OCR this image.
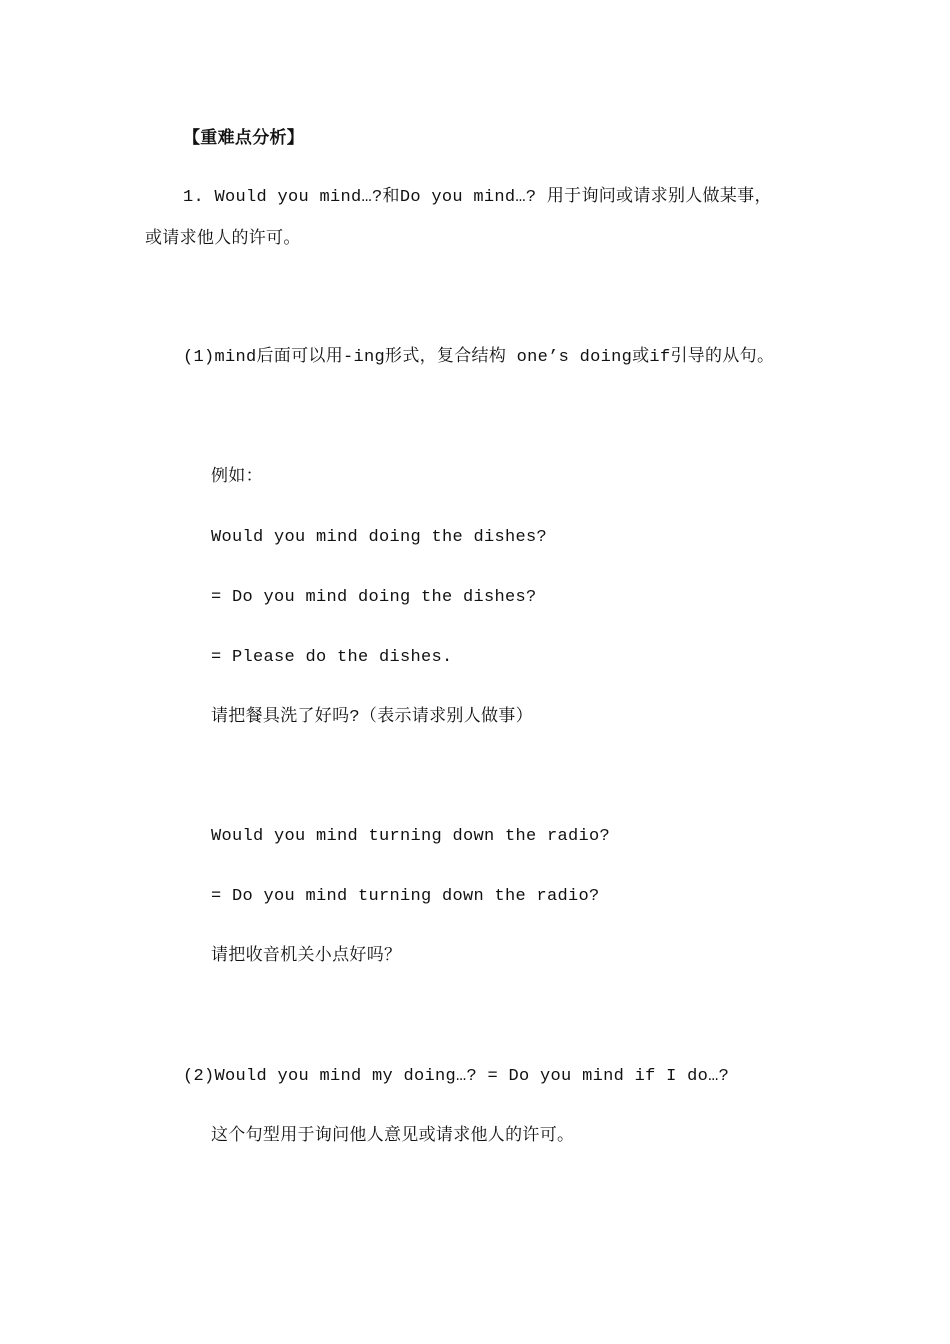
【重难点分析】
1. Would you mind…?和Do you mind…? 用于询问或请求别人做某事，
或请求他人的许可。
(1)mind后面可以用-ing形式，复合结构 one’s doing或if引导的从句。
例如：
Would you mind doing the dishes?
= Do you mind doing the dishes?
= Please do the dishes.
请把餐具洗了好吗?（表示请求别人做事）
Would you mind turning down the radio?
= Do you mind turning down the radio?
请把收音机关小点好吗？
(2)Would you mind my doing…? = Do you mind if I do…?
这个句型用于询问他人意见或请求他人的许可。
